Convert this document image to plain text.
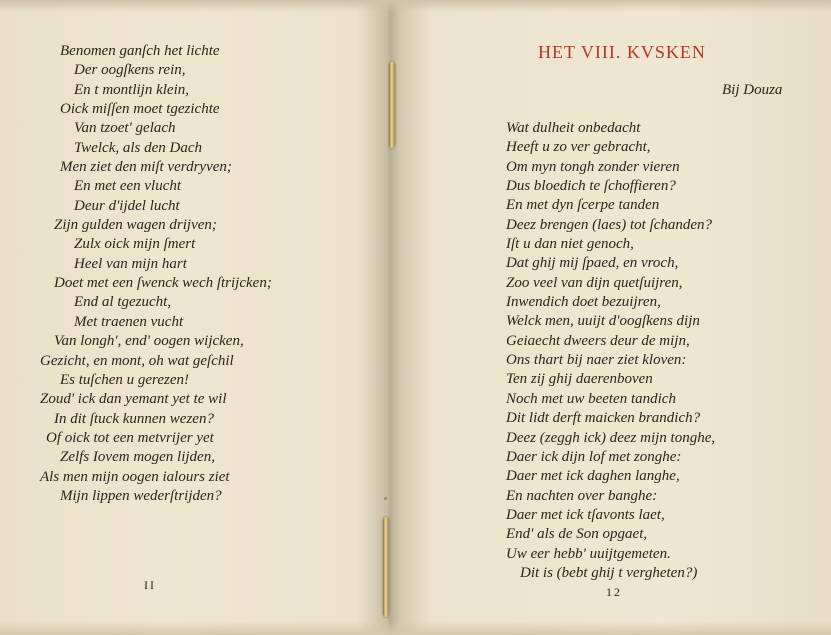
Benomen ganſch het lichte
Der oogſkens rein,
En t montlijn klein,
Oick miſſen moet tgezichte
Van tzoet' gelach
Twelck, als den Dach
Men ziet den miſt verdryven;
En met een vlucht
Deur d'ijdel lucht
Zijn gulden wagen drijven;
Zulx oick mijn ſmert
Heel van mijn hart
Doet met een ſwenck wech ſtrijcken;
End al tgezucht,
Met traenen vucht
Van longh', end' oogen wijcken,
Gezicht, en mont, oh wat geſchil
Es tuſchen u gerezen!
Zoud' ick dan yemant yet te wil
In dit ſtuck kunnen wezen?
Of oick tot een metvrijer yet
Zelfs Iovem mogen lijden,
Als men mijn oogen ialours ziet
Mijn lippen wederſtrijden?
II
HET VIII. KVSKEN
Bij Douza
Wat dulheit onbedacht
Heeft u zo ver gebracht,
Om myn tongh zonder vieren
Dus bloedich te ſchoffieren?
En met dyn ſcerpe tanden
Deez brengen (laes) tot ſchanden?
Iſt u dan niet genoch,
Dat ghij mij ſpaed, en vroch,
Zoo veel van dijn quetſuijren,
Inwendich doet bezuijren,
Welck men, uuijt d'oogſkens dijn
Geiaecht dweers deur de mijn,
Ons thart bij naer ziet kloven:
Ten zij ghij daerenboven
Noch met uw beeten tandich
Dit lidt derft maicken brandich?
Deez (zeggh ick) deez mijn tonghe,
Daer ick dijn lof met zonghe:
Daer met ick daghen langhe,
En nachten over banghe:
Daer met ick tſavonts laet,
End' als de Son opgaet,
Uw eer hebb' uuijtgemeten.
Dit is (bebt ghij t vergheten?)
12
